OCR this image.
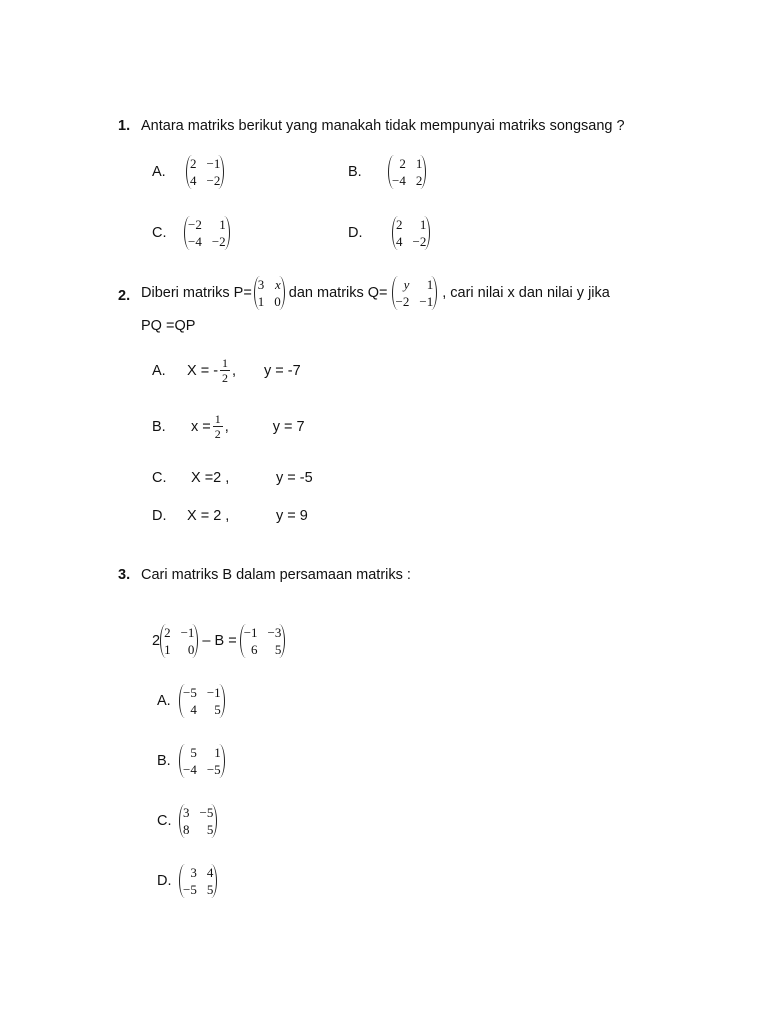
1. Antara matriks berikut yang manakah tidak mempunyai matriks songsang ?
A.
2 −1
4 −2
B.
2 1
−4 2
C.
−2	1
−4 −2
D.
2	1
4 −2
2. Diberi matriks P=
3 x
1 0
dan matriks Q=
y	1
−2 −1
, cari nilai x dan nilai y jika
PQ =QP
A.	X = - $\frac{1}{2}$ ,	y = -7
B.	$x = \frac{1}{2}$ ,	y = 7
C.	X =2 ,	y = -5
D.	X = 2 ,	y = 9
3. Cari matriks B dalam persamaan matriks :
2
2 −1
1	0
– B =
−1 −3
6	5
A.
−5 −1
4	5
B.
5	1
−4 −5
C.
3 −5
8	5
D.
3 4
−5 5
